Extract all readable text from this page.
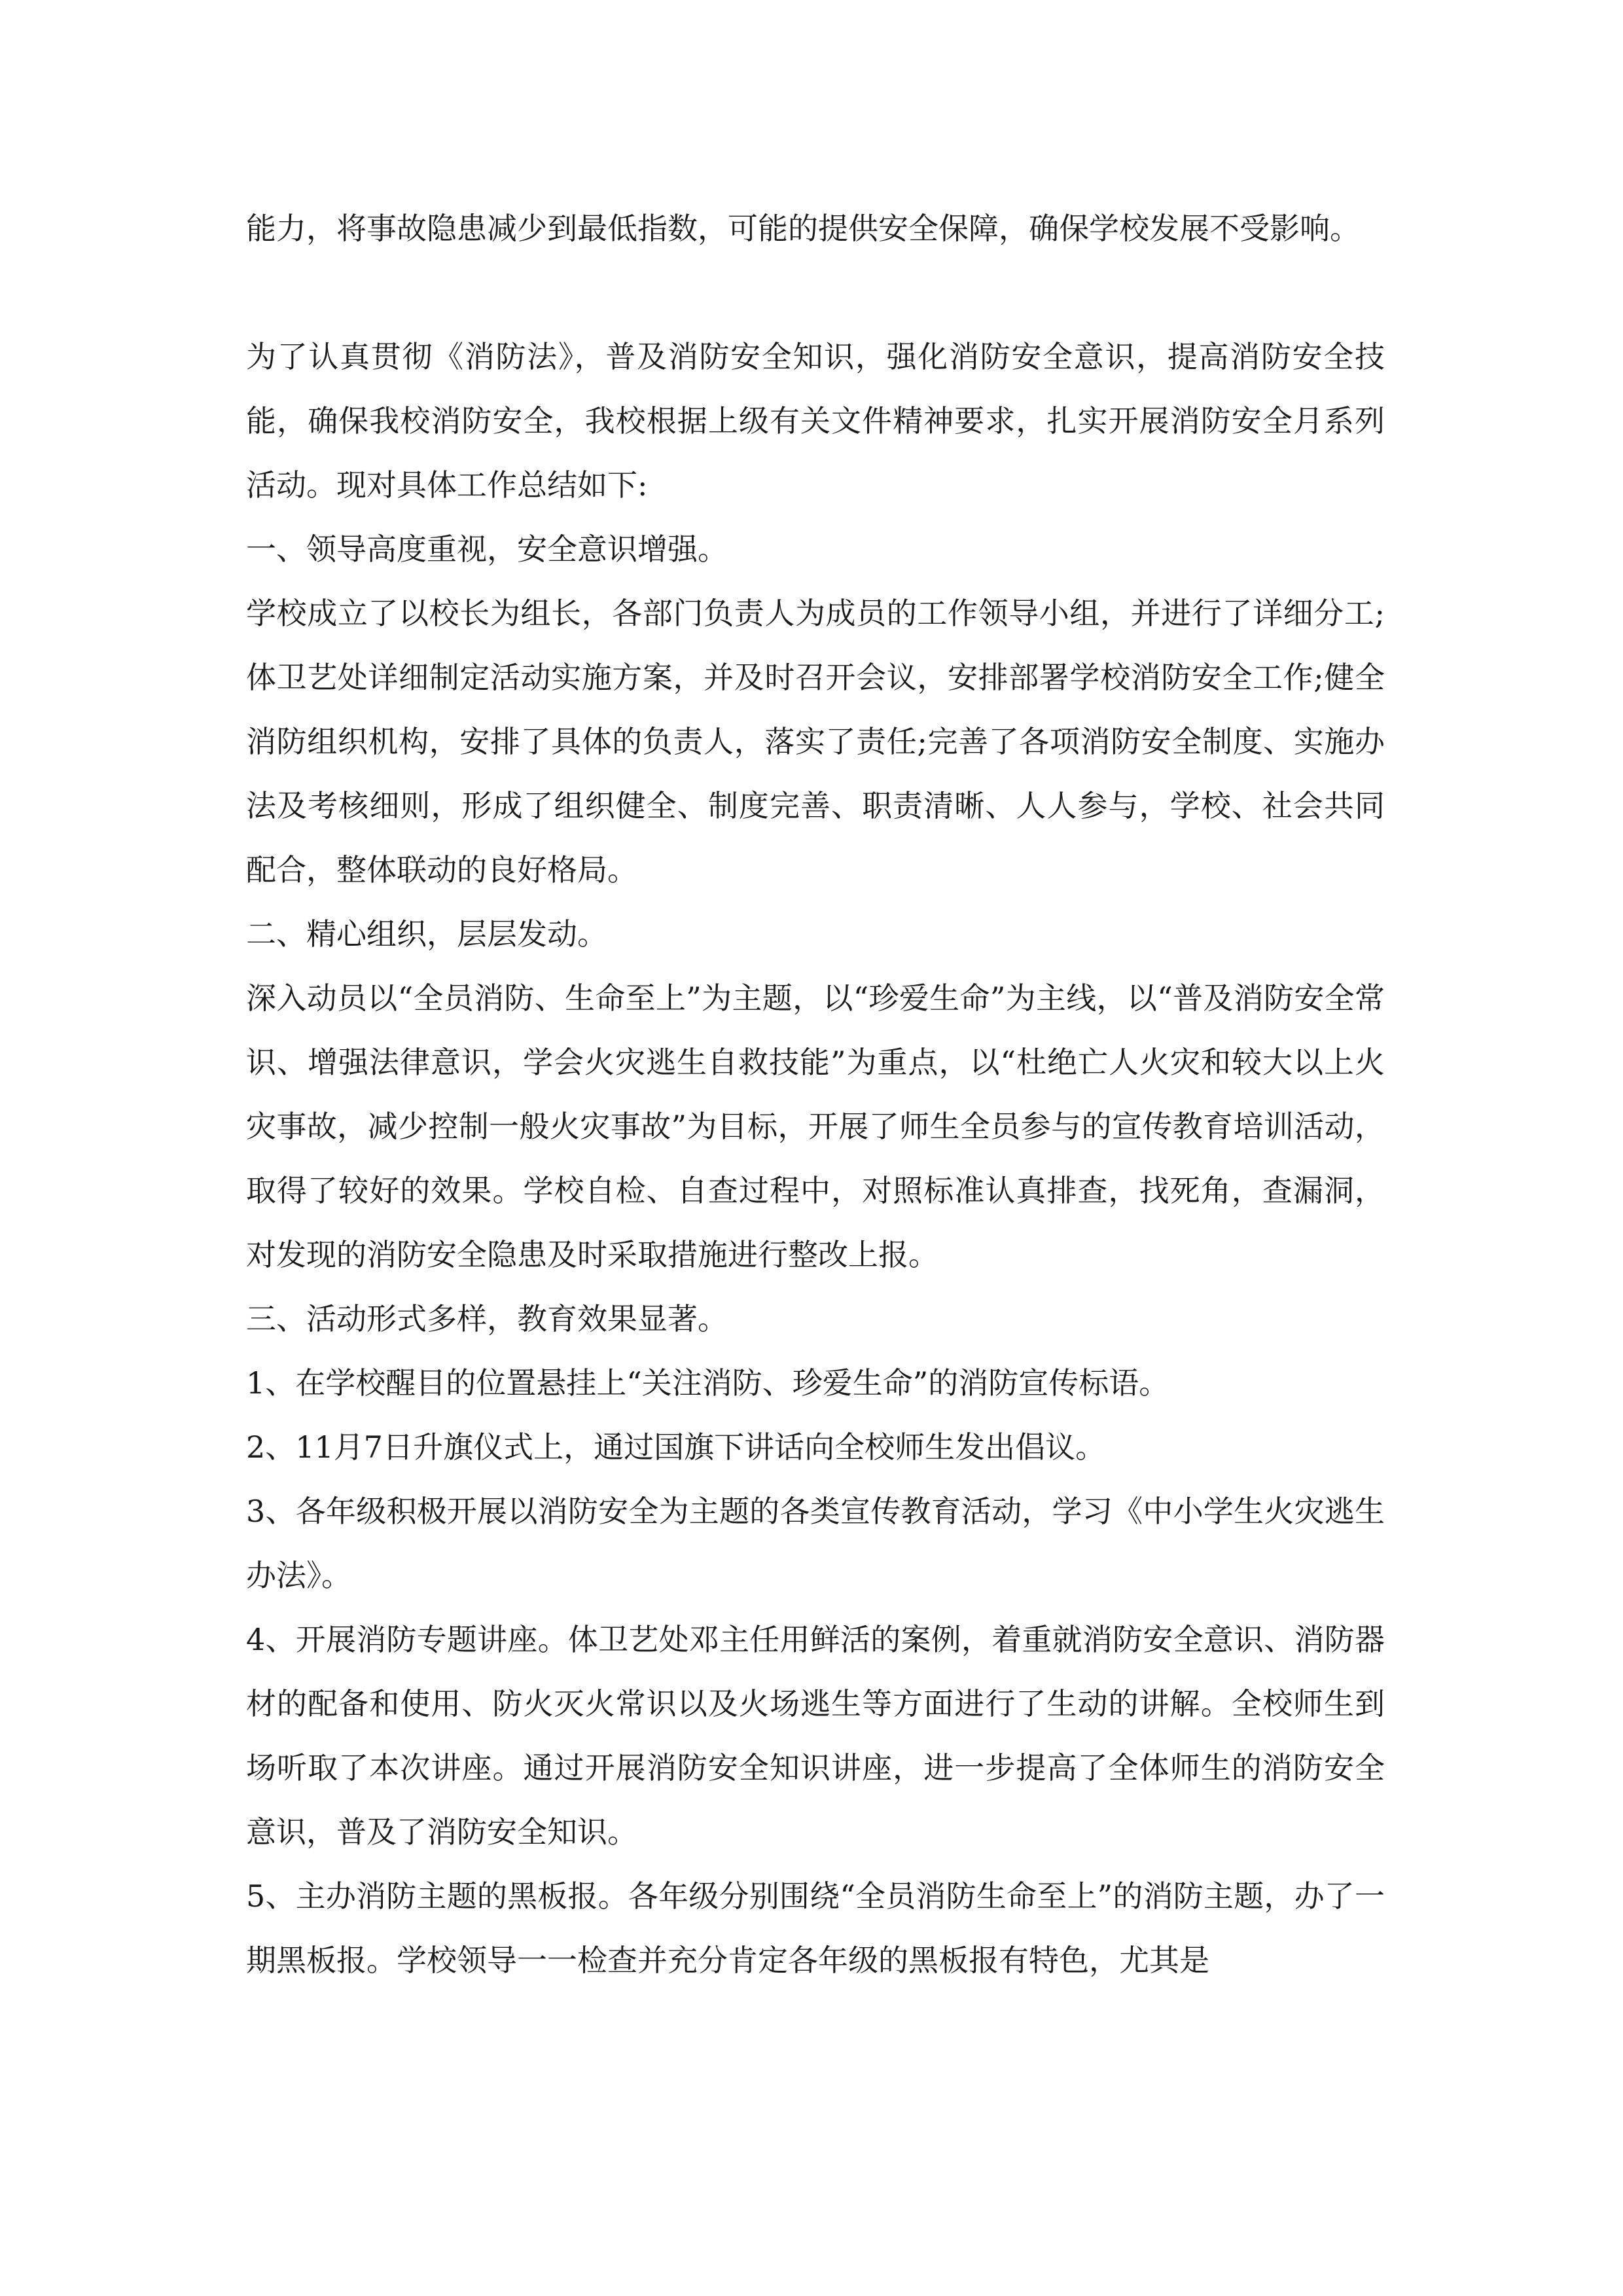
能力，将事故隐患减少到最低指数，可能的提供安全保障，确保学校发展不受影响。

为了认真贯彻《消防法》，普及消防安全知识，强化消防安全意识，提高消防安全技能，确保我校消防安全，我校根据上级有关文件精神要求，扎实开展消防安全月系列活动。现对具体工作总结如下:

一、领导高度重视，安全意识增强。

学校成立了以校长为组长，各部门负责人为成员的工作领导小组，并进行了详细分工;体卫艺处详细制定活动实施方案，并及时召开会议，安排部署学校消防安全工作;健全消防组织机构，安排了具体的负责人，落实了责任;完善了各项消防安全制度、实施办法及考核细则，形成了组织健全、制度完善、职责清晰、人人参与，学校、社会共同配合，整体联动的良好格局。

二、精心组织，层层发动。

深入动员以“全员消防、生命至上”为主题，以“珍爱生命”为主线，以“普及消防安全常识、增强法律意识，学会火灾逃生自救技能”为重点，以“杜绝亡人火灾和较大以上火灾事故，减少控制一般火灾事故”为目标，开展了师生全员参与的宣传教育培训活动，取得了较好的效果。学校自检、自查过程中，对照标准认真排查，找死角，查漏洞，对发现的消防安全隐患及时采取措施进行整改上报。

三、活动形式多样，教育效果显著。

1、在学校醒目的位置悬挂上“关注消防、珍爱生命”的消防宣传标语。

2、11月7日升旗仪式上，通过国旗下讲话向全校师生发出倡议。

3、各年级积极开展以消防安全为主题的各类宣传教育活动，学习《中小学生火灾逃生办法》。

4、开展消防专题讲座。体卫艺处邓主任用鲜活的案例，着重就消防安全意识、消防器材的配备和使用、防火灭火常识以及火场逃生等方面进行了生动的讲解。全校师生到场听取了本次讲座。通过开展消防安全知识讲座，进一步提高了全体师生的消防安全意识，普及了消防安全知识。

5、主办消防主题的黑板报。各年级分别围绕“全员消防生命至上”的消防主题，办了一期黑板报。学校领导一一检查并充分肯定各年级的黑板报有特色，尤其是
